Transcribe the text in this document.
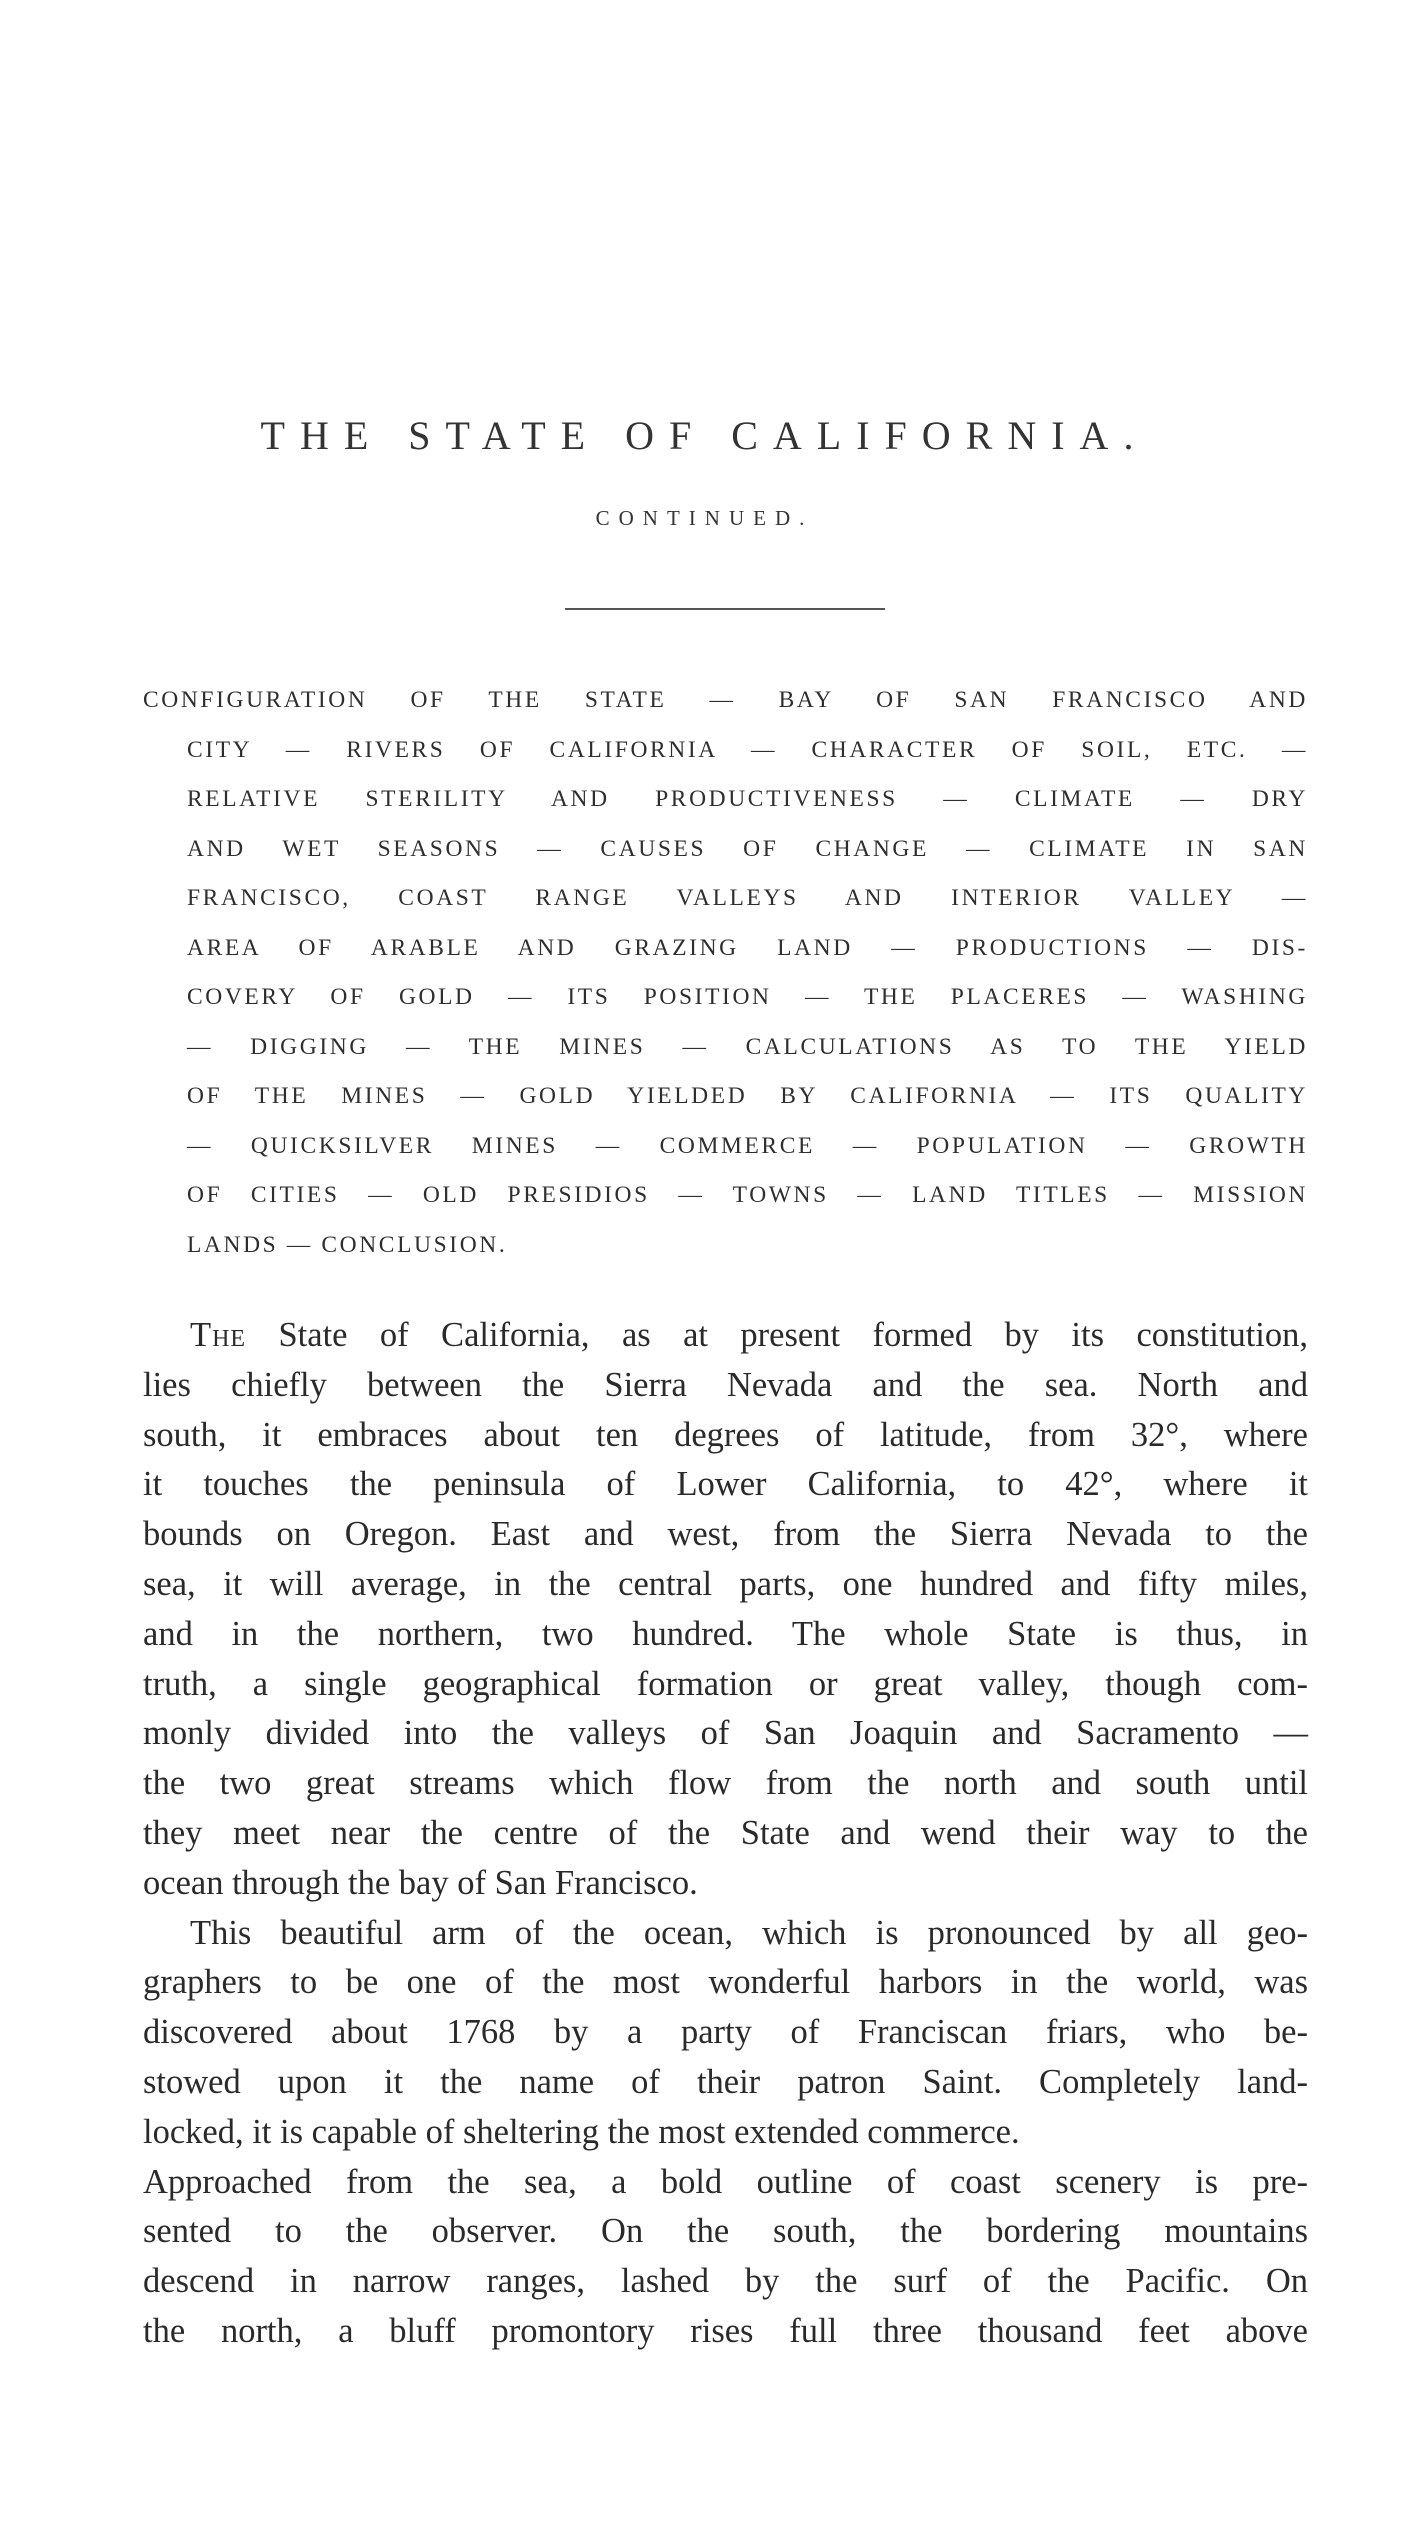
THE STATE OF CALIFORNIA.
CONTINUED.
CONFIGURATION OF THE STATE — BAY OF SAN FRANCISCO AND
CITY — RIVERS OF CALIFORNIA — CHARACTER OF SOIL, ETC. —
RELATIVE STERILITY AND PRODUCTIVENESS — CLIMATE — DRY
AND WET SEASONS — CAUSES OF CHANGE — CLIMATE IN SAN
FRANCISCO, COAST RANGE VALLEYS AND INTERIOR VALLEY —
AREA OF ARABLE AND GRAZING LAND — PRODUCTIONS — DIS-
COVERY OF GOLD — ITS POSITION — THE PLACERES — WASHING
— DIGGING — THE MINES — CALCULATIONS AS TO THE YIELD
OF THE MINES — GOLD YIELDED BY CALIFORNIA — ITS QUALITY
— QUICKSILVER MINES — COMMERCE — POPULATION — GROWTH
OF CITIES — OLD PRESIDIOS — TOWNS — LAND TITLES — MISSION
LANDS — CONCLUSION.
The State of California, as at present formed by its constitution,
lies chiefly between the Sierra Nevada and the sea. North and
south, it embraces about ten degrees of latitude, from 32°, where
it touches the peninsula of Lower California, to 42°, where it
bounds on Oregon. East and west, from the Sierra Nevada to the
sea, it will average, in the central parts, one hundred and fifty miles,
and in the northern, two hundred. The whole State is thus, in
truth, a single geographical formation or great valley, though com-
monly divided into the valleys of San Joaquin and Sacramento —
the two great streams which flow from the north and south until
they meet near the centre of the State and wend their way to the
ocean through the bay of San Francisco.
This beautiful arm of the ocean, which is pronounced by all geo-
graphers to be one of the most wonderful harbors in the world, was
discovered about 1768 by a party of Franciscan friars, who be-
stowed upon it the name of their patron Saint. Completely land-
locked, it is capable of sheltering the most extended commerce.
Approached from the sea, a bold outline of coast scenery is pre-
sented to the observer. On the south, the bordering mountains
descend in narrow ranges, lashed by the surf of the Pacific. On
the north, a bluff promontory rises full three thousand feet above
